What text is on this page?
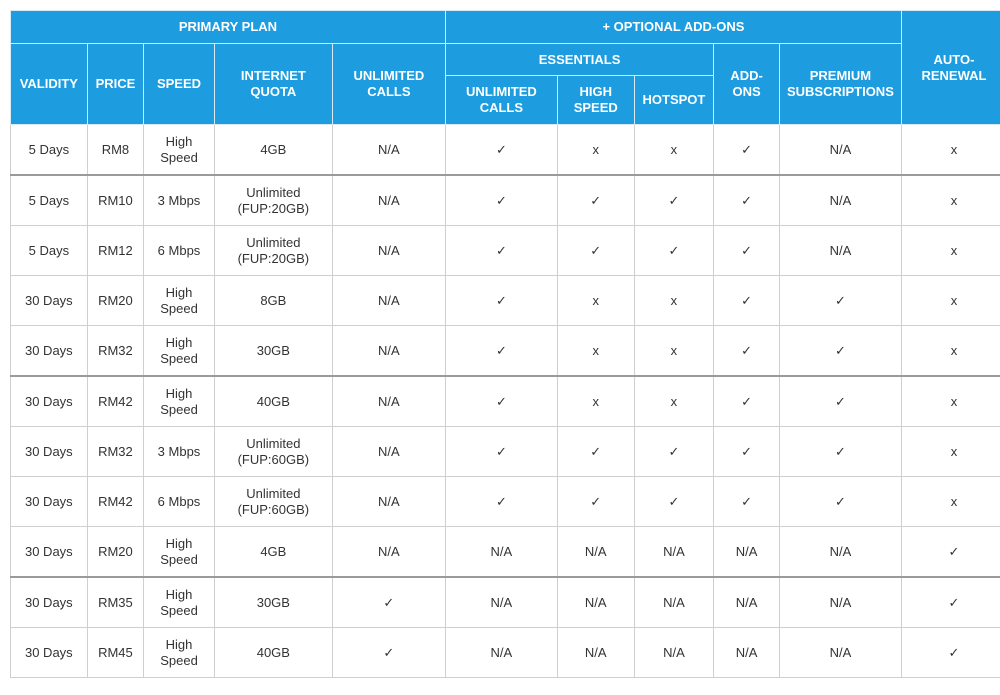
PRIMARY PLAN					+ OPTIONAL ADD-ONS					AUTO-RENEWAL
VALIDITY	PRICE	SPEED	INTERNET QUOTA	UNLIMITED CALLS	ESSENTIALS			ADD-ONS	PREMIUM SUBSCRIPTIONS	
					UNLIMITED CALLS	HIGH SPEED	HOTSPOT			
5 Days	RM8	High Speed	4GB	N/A	✓	x	x	✓	N/A	x
5 Days	RM10	3 Mbps	Unlimited (FUP:20GB)	N/A	✓	✓	✓	✓	N/A	x
5 Days	RM12	6 Mbps	Unlimited (FUP:20GB)	N/A	✓	✓	✓	✓	N/A	x
30 Days	RM20	High Speed	8GB	N/A	✓	x	x	✓	✓	x
30 Days	RM32	High Speed	30GB	N/A	✓	x	x	✓	✓	x
30 Days	RM42	High Speed	40GB	N/A	✓	x	x	✓	✓	x
30 Days	RM32	3 Mbps	Unlimited (FUP:60GB)	N/A	✓	✓	✓	✓	✓	x
30 Days	RM42	6 Mbps	Unlimited (FUP:60GB)	N/A	✓	✓	✓	✓	✓	x
30 Days	RM20	High Speed	4GB	N/A	N/A	N/A	N/A	N/A	N/A	✓
30 Days	RM35	High Speed	30GB	✓	N/A	N/A	N/A	N/A	N/A	✓
30 Days	RM45	High Speed	40GB	✓	N/A	N/A	N/A	N/A	N/A	✓
